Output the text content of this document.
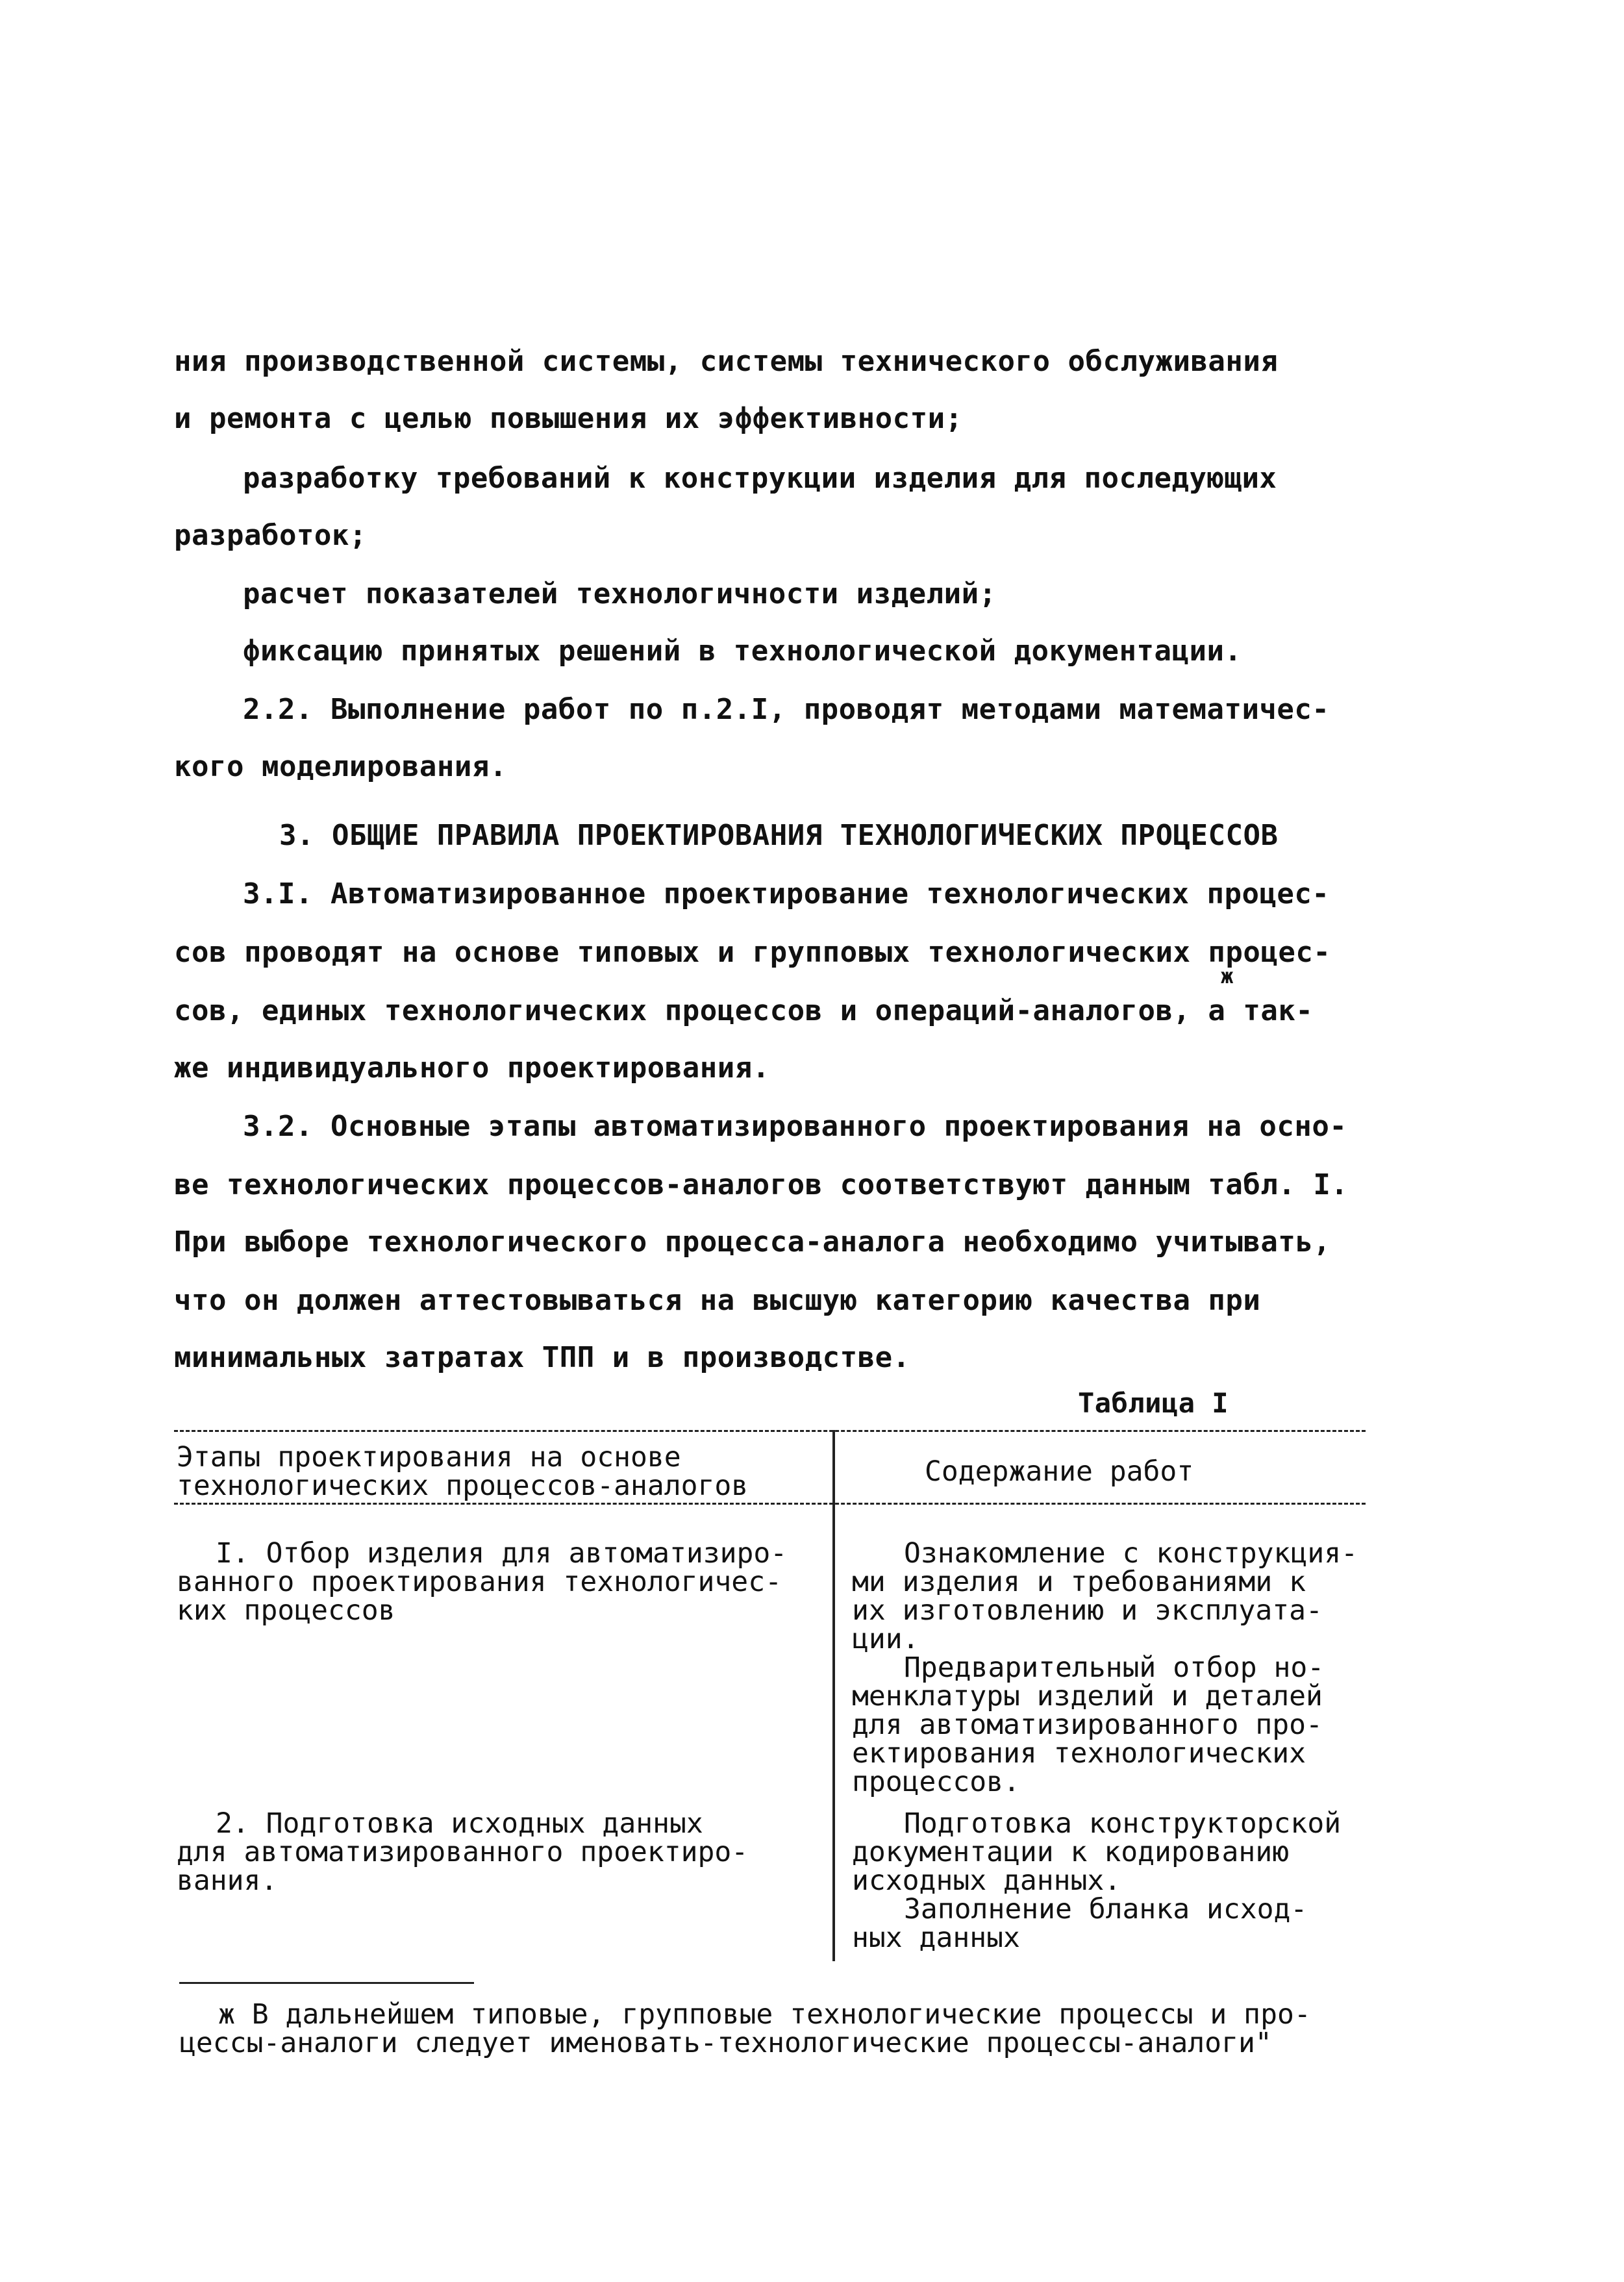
ния производственной системы, системы технического обслуживания
и ремонта с целью повышения их эффективности;
разработку требований к конструкции изделия для последующих
разработок;
расчет показателей технологичности изделий;
фиксацию принятых решений в технологической документации.
2.2. Выполнение работ по п.2.I, проводят методами математичес-
кого моделирования.
3. ОБЩИЕ ПРАВИЛА ПРОЕКТИРОВАНИЯ ТЕХНОЛОГИЧЕСКИХ ПРОЦЕССОВ
3.I. Автоматизированное проектирование технологических процес-
сов проводят на основе типовых и групповых технологических процес-
ж
сов, единых технологических процессов и операций-аналогов, а так-
же индивидуального проектирования.
3.2. Основные этапы автоматизированного проектирования на осно-
ве технологических процессов-аналогов соответствуют данным табл. I.
При выборе технологического процесса-аналога необходимо учитывать,
что он должен аттестовываться на высшую категорию качества при
минимальных затратах ТПП и в производстве.
Таблица I
Этапы проектирования на основе
технологических процессов-аналогов	Содержание работ
I. Отбор изделия для автоматизиро-
ванного проектирования технологичес-
ких процессов
Ознакомление с конструкция-
ми изделия и требованиями к
их изготовлению и эксплуата-
ции.
Предварительный отбор но-
менклатуры изделий и деталей
для автоматизированного про-
ектирования технологических
процессов.
2. Подготовка исходных данных
для автоматизированного проектиро-
вания.
Подготовка конструкторской
документации к кодированию
исходных данных.
Заполнение бланка исход-
ных данных
ж В дальнейшем типовые, групповые технологические процессы и про-
цессы-аналоги следует именовать-технологические процессы-аналоги"
